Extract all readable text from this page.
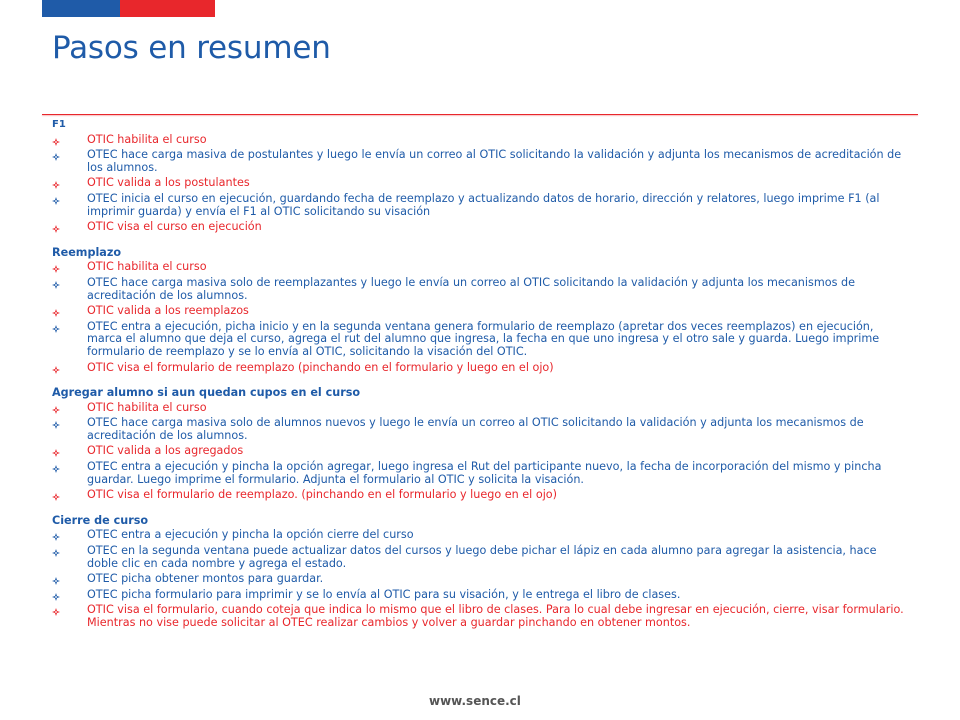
Pasos en resumen

F1

OTIC habilita el curso
OTEC hace carga masiva de postulantes y luego le envía un correo al OTIC solicitando la validación y adjunta los mecanismos de acreditación de los alumnos.
OTIC valida a los postulantes
OTEC inicia el curso en ejecución, guardando fecha de reemplazo y actualizando datos de horario, dirección y relatores, luego imprime F1 (al imprimir guarda) y envía el F1 al OTIC solicitando su visación
OTIC visa el curso en ejecución

Reemplazo

OTIC habilita el curso
OTEC hace carga masiva solo de reemplazantes y luego le envía un correo al OTIC solicitando la validación y adjunta los mecanismos de acreditación de los alumnos.
OTIC valida a los reemplazos
OTEC entra a ejecución, picha inicio y en la segunda ventana genera formulario de reemplazo (apretar dos veces reemplazos) en ejecución, marca el alumno que deja el curso, agrega el rut del alumno que ingresa, la fecha en que uno ingresa y el otro sale y guarda. Luego imprime formulario de reemplazo y se lo envía al OTIC, solicitando la visación del OTIC.
OTIC visa el formulario de reemplazo (pinchando en el formulario y luego en el ojo)

Agregar alumno si aun quedan cupos en el curso

OTIC habilita el curso
OTEC hace carga masiva solo de alumnos nuevos y luego le envía un correo al OTIC solicitando la validación y adjunta los mecanismos de acreditación de los alumnos.
OTIC valida a los agregados
OTEC entra a ejecución y pincha la opción agregar, luego ingresa el Rut del participante nuevo, la fecha de incorporación del mismo y pincha guardar. Luego imprime el formulario. Adjunta el formulario al OTIC y solicita la visación.
OTIC visa el formulario de reemplazo. (pinchando en el formulario y luego en el ojo)

Cierre de curso

OTEC entra a ejecución y pincha la opción cierre del curso
OTEC en la segunda ventana puede actualizar datos del cursos y luego debe pichar el lápiz en cada alumno para agregar la asistencia, hace doble clic en cada nombre y agrega el estado.
OTEC picha obtener montos para guardar.
OTEC picha formulario para imprimir y se lo envía al OTIC para su visación, y le entrega el libro de clases.
OTIC visa el formulario, cuando coteja que indica lo mismo que el libro de clases. Para lo cual debe ingresar en ejecución, cierre, visar formulario. Mientras no vise puede solicitar al OTEC realizar cambios y volver a guardar pinchando en obtener montos.
www.sence.cl
